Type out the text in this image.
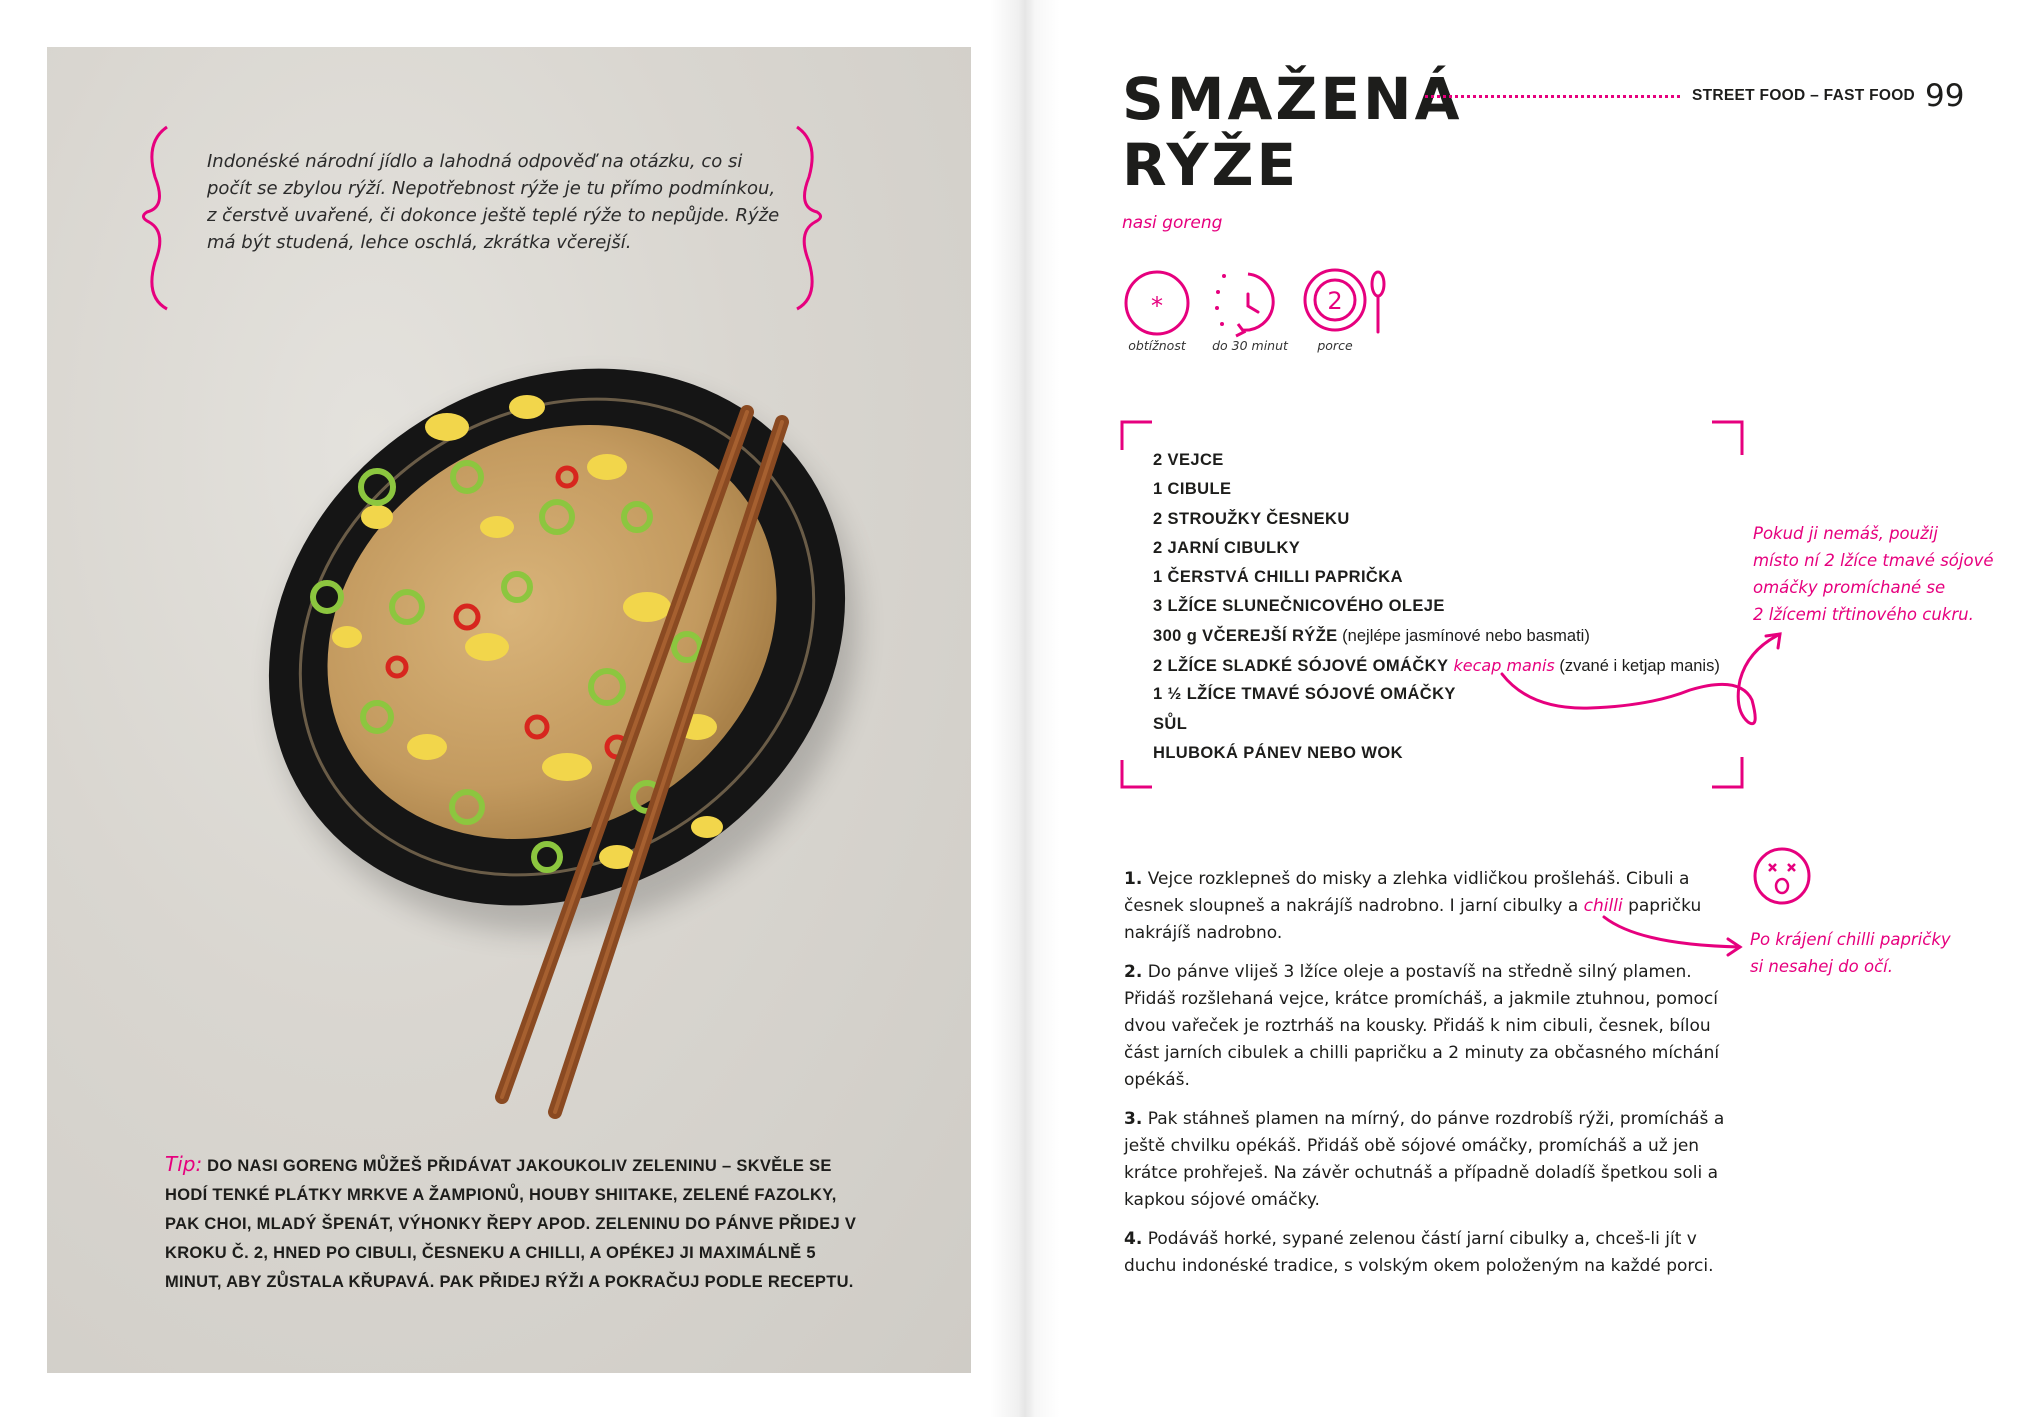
Indonéské národní jídlo a lahodná odpověď na otázku, co si počít se zbylou rýží. Nepotřebnost rýže je tu přímo podmínkou, z čerstvě uvařené, či dokonce ještě teplé rýže to nepůjde. Rýže má být studená, lehce oschlá, zkrátka včerejší.
Tip: DO NASI GORENG MŮŽEŠ PŘIDÁVAT JAKOUKOLIV ZELENINU – SKVĚLE SE HODÍ TENKÉ PLÁTKY MRKVE A ŽAMPIONŮ, HOUBY SHIITAKE, ZELENÉ FAZOLKY, PAK CHOI, MLADÝ ŠPENÁT, VÝHONKY ŘEPY APOD. ZELENINU DO PÁNVE PŘIDEJ V KROKU Č. 2, HNED PO CIBULI, ČESNEKU A CHILLI, A OPÉKEJ JI MAXIMÁLNĚ 5 MINUT, ABY ZŮSTALA KŘUPAVÁ. PAK PŘIDEJ RÝŽI A POKRAČUJ PODLE RECEPTU.
SMAŽENÁ
RÝŽE
STREET FOOD – FAST FOOD 99
nasi goreng
*
obtížnost	do 30 minut
2
porce
2 VEJCE
1 CIBULE
2 STROUŽKY ČESNEKU
2 JARNÍ CIBULKY
1 ČERSTVÁ CHILLI PAPRIČKA
3 LŽÍCE SLUNEČNICOVÉHO OLEJE
300 g VČEREJŠÍ RÝŽE (nejlépe jasmínové nebo basmati)
2 LŽÍCE SLADKÉ SÓJOVÉ OMÁČKY kecap manis (zvané i ketjap manis)
1 ½ LŽÍCE TMAVÉ SÓJOVÉ OMÁČKY
SŮL
HLUBOKÁ PÁNEV NEBO WOK
Pokud ji nemáš, použij
místo ní 2 lžíce tmavé sójové
omáčky promíchané se
2 lžícemi třtinového cukru.
Po krájení chilli papričky
si nesahej do očí.

1. Vejce rozklepneš do misky a zlehka vidličkou prošleháš. Cibuli a česnek sloupneš a nakrájíš nadrobno. I jarní cibulky a chilli papričku nakrájíš nadrobno.

2. Do pánve vliješ 3 lžíce oleje a postavíš na středně silný plamen. Přidáš rozšlehaná vejce, krátce promícháš, a jakmile ztuhnou, pomocí dvou vařeček je roztrháš na kousky. Přidáš k nim cibuli, česnek, bílou část jarních cibulek a chilli papričku a 2 minuty za občasného míchání opékáš.

3. Pak stáhneš plamen na mírný, do pánve rozdrobíš rýži, promícháš a ještě chvilku opékáš. Přidáš obě sójové omáčky, promícháš a už jen krátce prohřeješ. Na závěr ochutnáš a případně doladíš špetkou soli a kapkou sójové omáčky.

4. Podáváš horké, sypané zelenou částí jarní cibulky a, chceš-li jít v duchu indonéské tradice, s volským okem položeným na každé porci.
